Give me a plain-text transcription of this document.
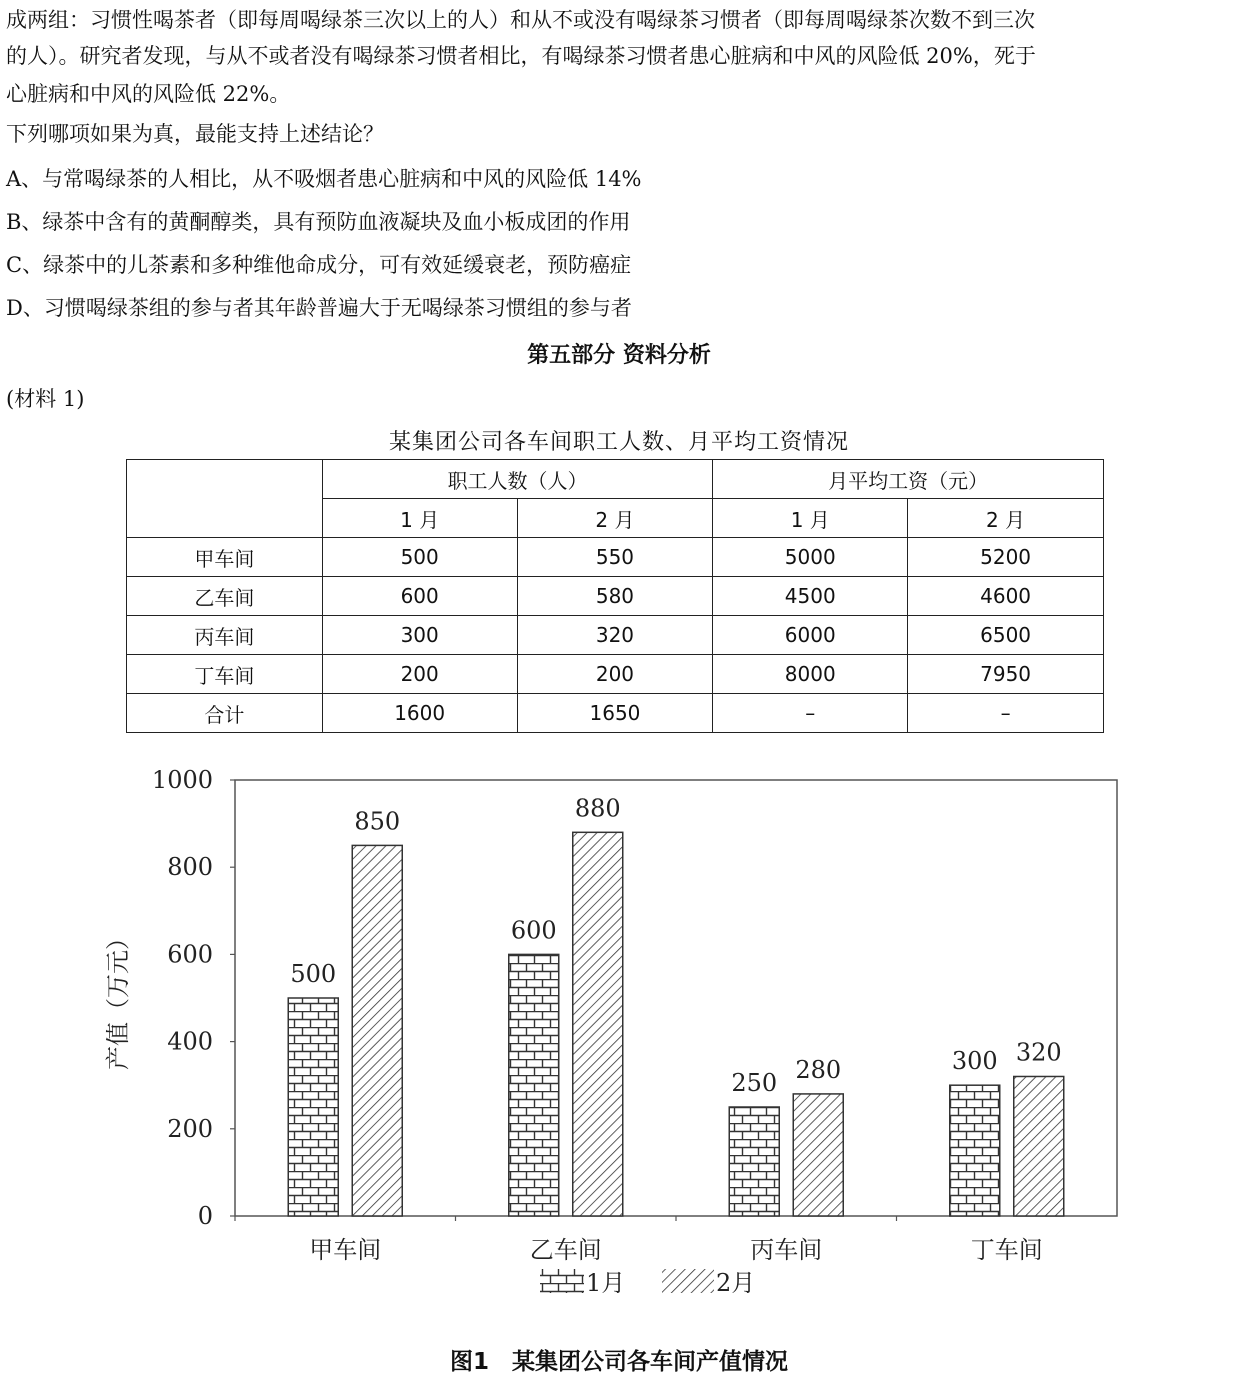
成两组：习惯性喝茶者（即每周喝绿茶三次以上的人）和从不或没有喝绿茶习惯者（即每周喝绿茶次数不到三次
的人）。研究者发现，与从不或者没有喝绿茶习惯者相比，有喝绿茶习惯者患心脏病和中风的风险低 20%，死于
心脏病和中风的风险低 22%。
下列哪项如果为真，最能支持上述结论？
A、与常喝绿茶的人相比，从不吸烟者患心脏病和中风的风险低 14%
B、绿茶中含有的黄酮醇类，具有预防血液凝块及血小板成团的作用
C、绿茶中的儿茶素和多种维他命成分，可有效延缓衰老，预防癌症
D、习惯喝绿茶组的参与者其年龄普遍大于无喝绿茶习惯组的参与者
第五部分 资料分析
(材料 1)
某集团公司各车间职工人数、月平均工资情况
	职工人数（人）		月平均工资（元）	
	1 月	2 月	1 月	2 月
甲车间	500	550	5000	5200
乙车间	600	580	4500	4600
丙车间	300	320	6000	6500
丁车间	200	200	8000	7950
合计	1600	1650	–	–
0
200
400
600
800
1000
产值（万元）	500
850
甲车间
600
880
乙车间
250 280
丙车间
300 320
丁车间
1月	2月
图1　某集团公司各车间产值情况
